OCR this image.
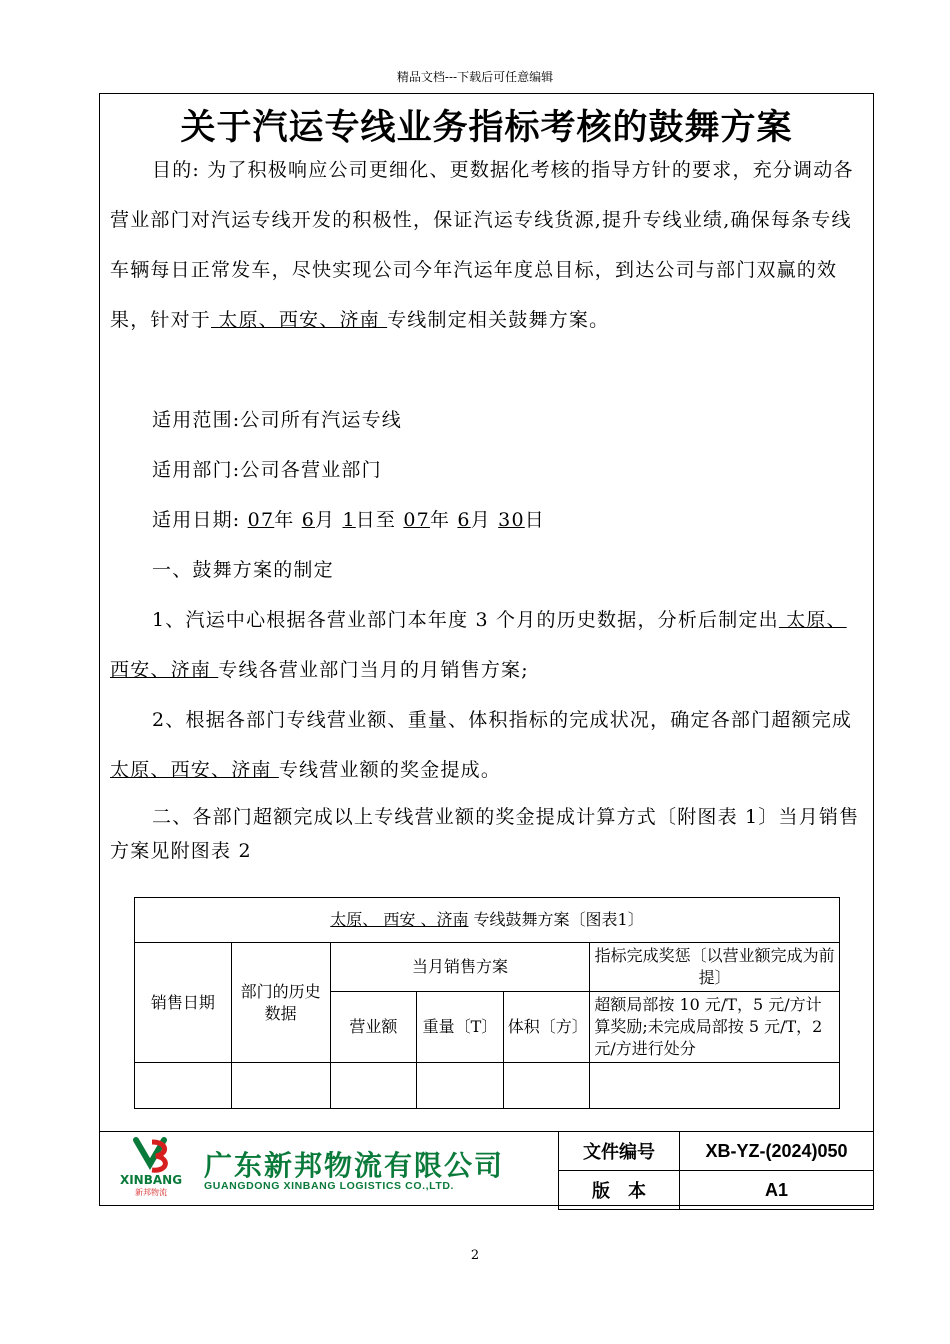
精品文档---下载后可任意编辑
关于汽运专线业务指标考核的鼓舞方案
目的: 为了积极响应公司更细化、更数据化考核的指导方针的要求，充分调动各营业部门对汽运专线开发的积极性，保证汽运专线货源,提升专线业绩,确保每条专线车辆每日正常发车，尽快实现公司今年汽运年度总目标，到达公司与部门双赢的效果，针对于 太原、西安、济南 专线制定相关鼓舞方案。
适用范围:公司所有汽运专线
适用部门:公司各营业部门
适用日期: 07年 6月 1日至 07年 6月 30日
一、鼓舞方案的制定
1、汽运中心根据各营业部门本年度 3 个月的历史数据，分析后制定出 太原、西安、济南 专线各营业部门当月的月销售方案;
2、根据各部门专线营业额、重量、体积指标的完成状况，确定各部门超额完成太原、西安、济南 专线营业额的奖金提成。
二、各部门超额完成以上专线营业额的奖金提成计算方式〔附图表 1〕当月销售方案见附图表 2
太原、 西安 、济南 专线鼓舞方案〔图表1〕					
销售日期	部门的历史数据	当月销售方案			指标完成奖惩〔以营业额完成为前提〕
		营业额	重量〔T〕	体积〔方〕	超额局部按 10 元/T，5 元/方计算奖励;未完成局部按 5 元/T，2 元/方进行处分

XINBANG
新邦物流
广东新邦物流有限公司
GUANGDONG XINBANG LOGISTICS CO.,LTD.
文件编号	XB-YZ-(2024)050
版　本	A1
2
